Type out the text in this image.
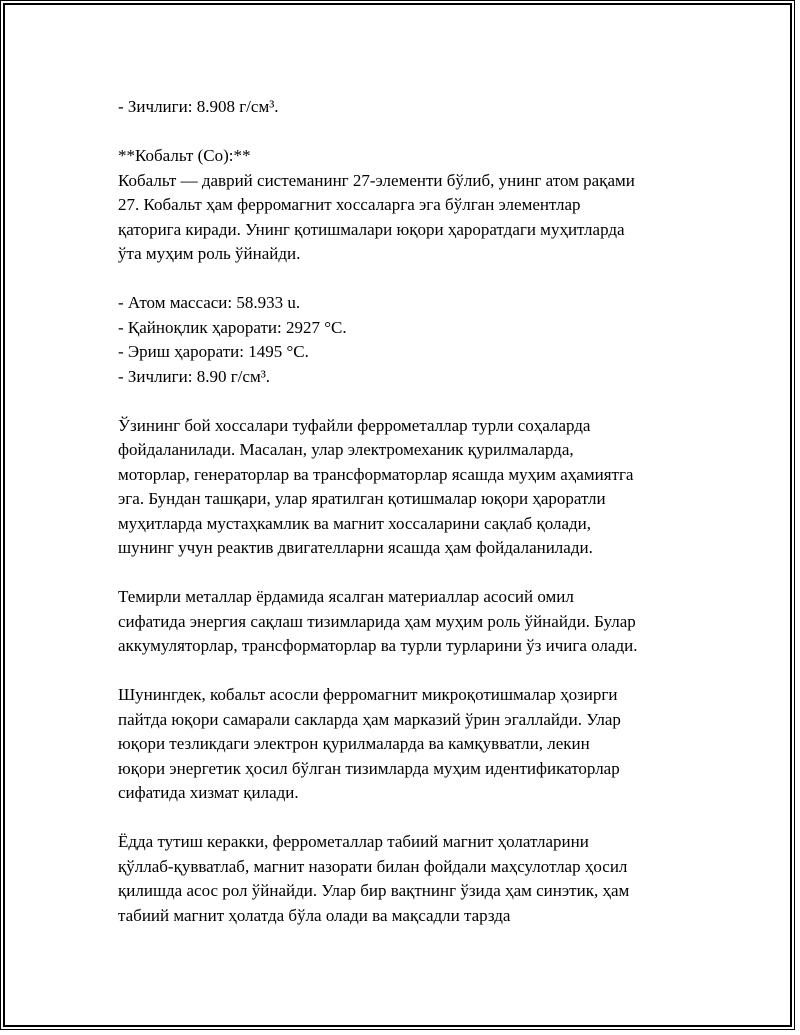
- Зичлиги: 8.908 г/см³.
**Кобальт (Co):**
Кобальт — даврий системанинг 27-элементи бўлиб, унинг атом рақами
27. Кобальт ҳам ферромагнит хоссаларга эга бўлган элементлар
қаторига киради. Унинг қотишмалари юқори ҳароратдаги муҳитларда
ўта муҳим роль ўйнайди.
- Атом массаси: 58.933 u.
- Қайноқлик ҳарорати: 2927 °C.
- Эриш ҳарорати: 1495 °C.
- Зичлиги: 8.90 г/см³.
Ўзининг бой хоссалари туфайли феррометаллар турли соҳаларда
фойдаланилади. Масалан, улар электромеханик қурилмаларда,
моторлар, генераторлар ва трансформаторлар ясашда муҳим аҳамиятга
эга. Бундан ташқари, улар яратилган қотишмалар юқори ҳароратли
муҳитларда мустаҳкамлик ва магнит хоссаларини сақлаб қолади,
шунинг учун реактив двигателларни ясашда ҳам фойдаланилади.
Темирли металлар ёрдамида ясалган материаллар асосий омил
сифатида энергия сақлаш тизимларида ҳам муҳим роль ўйнайди. Булар
аккумуляторлар, трансформаторлар ва турли турларини ўз ичига олади.
Шунингдек, кобальт асосли ферромагнит микроқотишмалар ҳозирги
пайтда юқори самарали сакларда ҳам марказий ўрин эгаллайди. Улар
юқори тезликдаги электрон қурилмаларда ва камқувватли, лекин
юқори энергетик ҳосил бўлган тизимларда муҳим идентификаторлар
сифатида хизмат қилади.
Ёдда тутиш керакки, феррометаллар табиий магнит ҳолатларини
қўллаб-қувватлаб, магнит назорати билан фойдали маҳсулотлар ҳосил
қилишда асос рол ўйнайди. Улар бир вақтнинг ўзида ҳам синэтик, ҳам
табиий магнит ҳолатда бўла олади ва мақсадли тарзда
